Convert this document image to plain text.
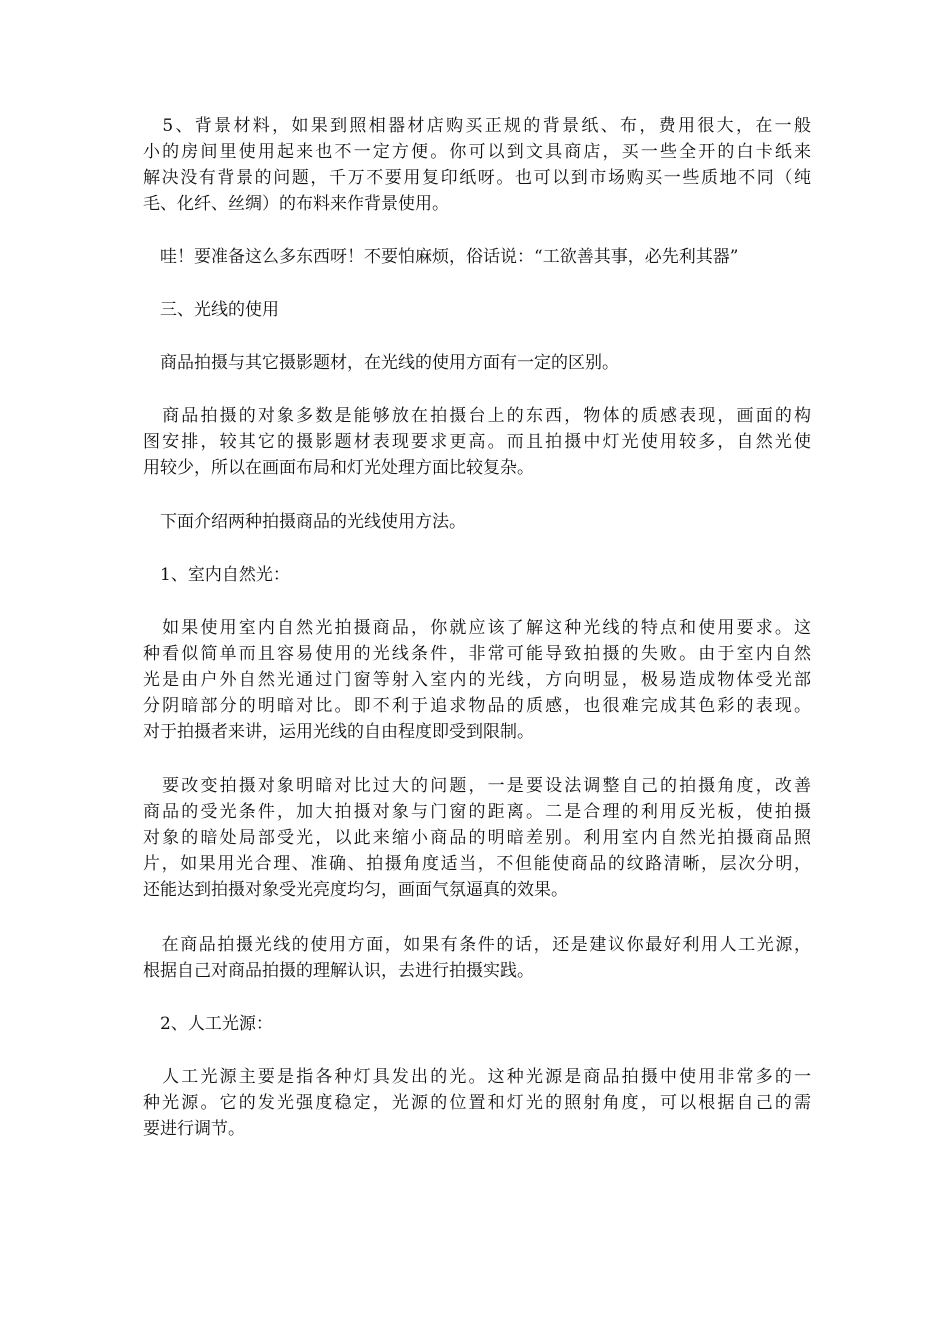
　5、背景材料，如果到照相器材店购买正规的背景纸、布，费用很大，在一般
小的房间里使用起来也不一定方便。你可以到文具商店，买一些全开的白卡纸来
解决没有背景的问题，千万不要用复印纸呀。也可以到市场购买一些质地不同（纯
毛、化纤、丝绸）的布料来作背景使用。

　哇！要准备这么多东西呀！不要怕麻烦，俗话说：“工欲善其事，必先利其器”

　三、光线的使用

　商品拍摄与其它摄影题材，在光线的使用方面有一定的区别。

　商品拍摄的对象多数是能够放在拍摄台上的东西，物体的质感表现，画面的构
图安排，较其它的摄影题材表现要求更高。而且拍摄中灯光使用较多，自然光使
用较少，所以在画面布局和灯光处理方面比较复杂。

　下面介绍两种拍摄商品的光线使用方法。

　1、室内自然光：

　如果使用室内自然光拍摄商品，你就应该了解这种光线的特点和使用要求。这
种看似简单而且容易使用的光线条件，非常可能导致拍摄的失败。由于室内自然
光是由户外自然光通过门窗等射入室内的光线，方向明显，极易造成物体受光部
分阴暗部分的明暗对比。即不利于追求物品的质感，也很难完成其色彩的表现。
对于拍摄者来讲，运用光线的自由程度即受到限制。

　要改变拍摄对象明暗对比过大的问题，一是要设法调整自己的拍摄角度，改善
商品的受光条件，加大拍摄对象与门窗的距离。二是合理的利用反光板，使拍摄
对象的暗处局部受光，以此来缩小商品的明暗差别。利用室内自然光拍摄商品照
片，如果用光合理、准确、拍摄角度适当，不但能使商品的纹路清晰，层次分明，
还能达到拍摄对象受光亮度均匀，画面气氛逼真的效果。

　在商品拍摄光线的使用方面，如果有条件的话，还是建议你最好利用人工光源，
根据自己对商品拍摄的理解认识，去进行拍摄实践。

　2、人工光源：

　人工光源主要是指各种灯具发出的光。这种光源是商品拍摄中使用非常多的一
种光源。它的发光强度稳定，光源的位置和灯光的照射角度，可以根据自己的需
要进行调节。
